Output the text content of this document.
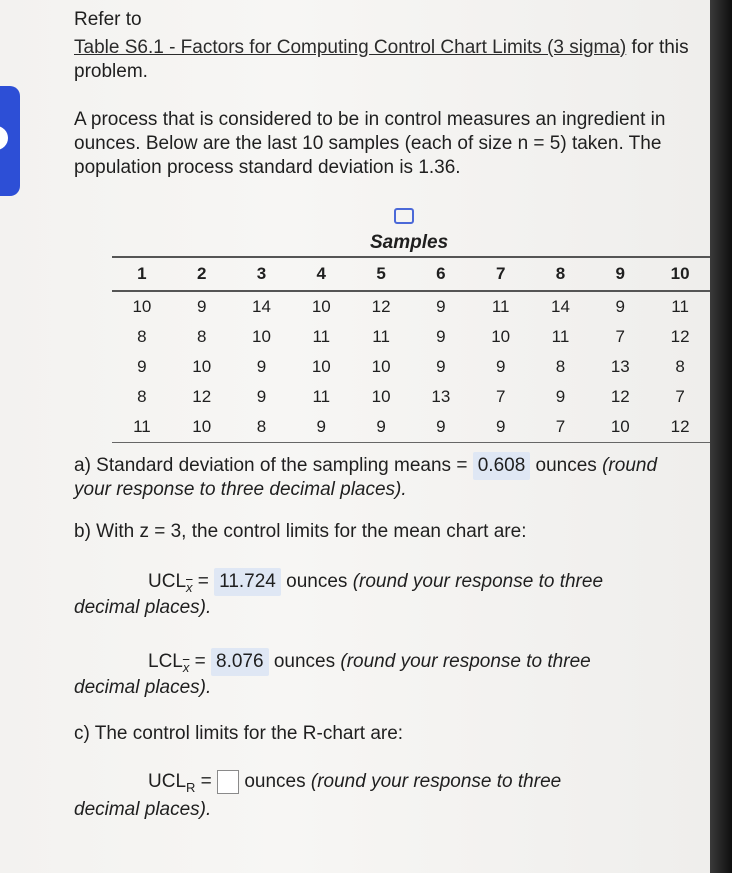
Refer to
Table S6.1 - Factors for Computing Control Chart Limits (3 sigma) for this
problem.
A process that is considered to be in control measures an ingredient in
ounces. Below are the last 10 samples (each of size n = 5) taken. The
population process standard deviation is 1.36.
Samples
1	2	3	4	5	6	7	8	9	10
10	9	14	10	12	9	11	14	9	11
8	8	10	11	11	9	10	11	7	12
9	10	9	10	10	9	9	8	13	8
8	12	9	11	10	13	7	9	12	7
11	10	8	9	9	9	9	7	10	12
a) Standard deviation of the sampling means = 0.608 ounces (round
your response to three decimal places).
b) With z = 3, the control limits for the mean chart are:
$UCL\overline{x} = 11.724$ ounces (round your response to three
decimal places).
$LCL\overline{x} = 8.076$ ounces (round your response to three
decimal places).
c) The control limits for the R-chart are:
$UCL_R$ =  ounces (round your response to three
decimal places).
